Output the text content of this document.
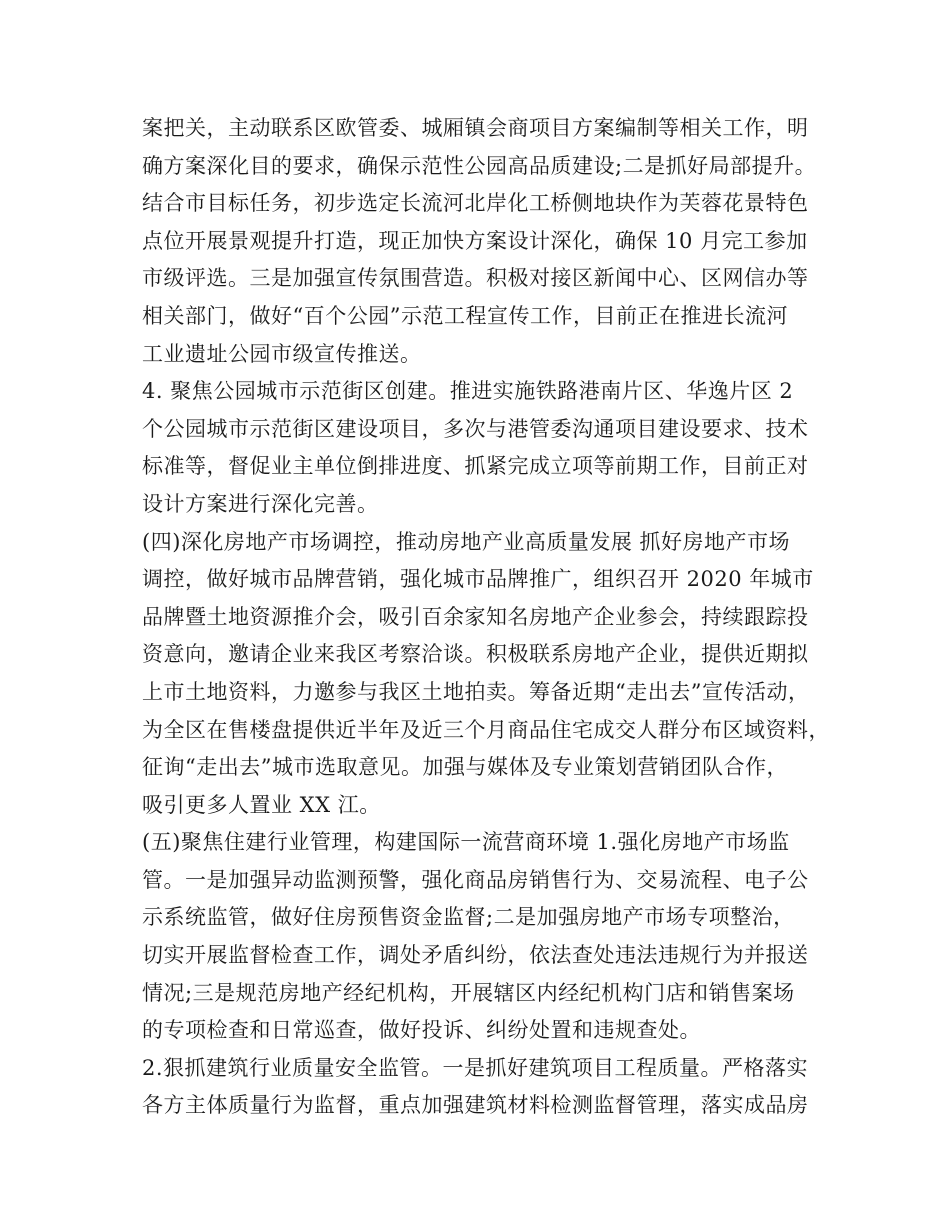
案把关，主动联系区欧管委、城厢镇会商项目方案编制等相关工作，明
确方案深化目的要求，确保示范性公园高品质建设;二是抓好局部提升。
结合市目标任务，初步选定长流河北岸化工桥侧地块作为芙蓉花景特色
点位开展景观提升打造，现正加快方案设计深化，确保 10 月完工参加
市级评选。三是加强宣传氛围营造。积极对接区新闻中心、区网信办等
相关部门，做好“百个公园”示范工程宣传工作，目前正在推进长流河
工业遗址公园市级宣传推送。
4. 聚焦公园城市示范街区创建。推进实施铁路港南片区、华逸片区 2
个公园城市示范街区建设项目，多次与港管委沟通项目建设要求、技术
标准等，督促业主单位倒排进度、抓紧完成立项等前期工作，目前正对
设计方案进行深化完善。
(四)深化房地产市场调控，推动房地产业高质量发展 抓好房地产市场
调控，做好城市品牌营销，强化城市品牌推广，组织召开 2020 年城市
品牌暨土地资源推介会，吸引百余家知名房地产企业参会，持续跟踪投
资意向，邀请企业来我区考察洽谈。积极联系房地产企业，提供近期拟
上市土地资料，力邀参与我区土地拍卖。筹备近期“走出去”宣传活动，
为全区在售楼盘提供近半年及近三个月商品住宅成交人群分布区域资料，
征询“走出去”城市选取意见。加强与媒体及专业策划营销团队合作，
吸引更多人置业 XX 江。
(五)聚焦住建行业管理，构建国际一流营商环境 1.强化房地产市场监
管。一是加强异动监测预警，强化商品房销售行为、交易流程、电子公
示系统监管，做好住房预售资金监督;二是加强房地产市场专项整治，
切实开展监督检查工作，调处矛盾纠纷，依法查处违法违规行为并报送
情况;三是规范房地产经纪机构，开展辖区内经纪机构门店和销售案场
的专项检查和日常巡查，做好投诉、纠纷处置和违规查处。
2.狠抓建筑行业质量安全监管。一是抓好建筑项目工程质量。严格落实
各方主体质量行为监督，重点加强建筑材料检测监督管理，落实成品房
